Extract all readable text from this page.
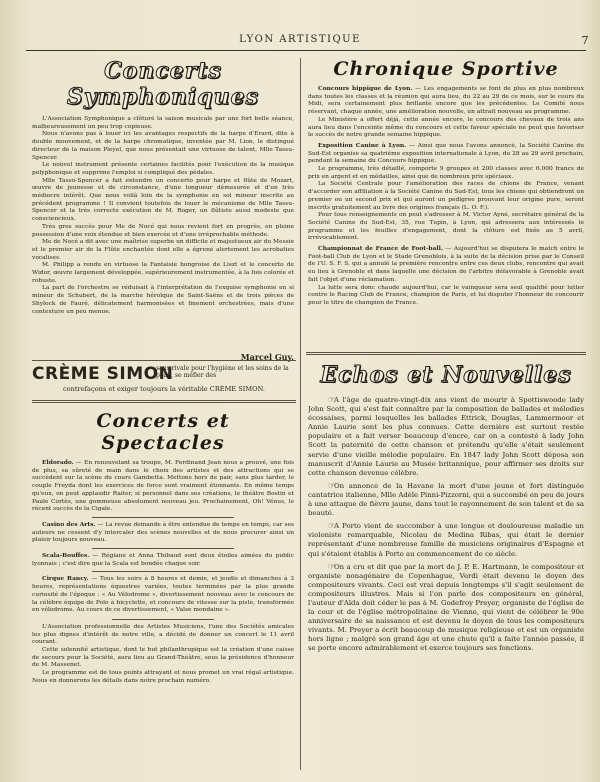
LYON ARTISTIQUE	7
Concerts Symphoniques

L'Association Symphonique a clôturé la saison musicale par une fort belle séance, malheureusement un peu trop copieuse.

Nous n'avons pas à louer ici les avantages respectifs de la harpe d'Erard, dite à double mouvement, et de la harpe chromatique, inventée par M. Lion, le distingué directeur de la maison Pleyel, que nous présentait une virtuose de talent, Mlle Tassu-Spencer.

Le nouvel instrument présente certaines facilités pour l'exécution de la musique polyphonique et supprime l'emploi si compliqué des pédales.

Mlle Tassu-Spencer a fait entendre un concerto pour harpe et flûte de Mozart, œuvre de jeunesse et de circonstance, d'une longueur démesurée et d'un très médiocre intérêt. Que nous voilà loin de la symphonie en sol mineur inscrite au précédent programme ! Il convient toutefois de louer le mécanisme de Mlle Tassu-Spencer et la très correcte exécution de M. Roger, un flûtiste aussi modeste que consciencieux.

Très gros succès pour Me de Nocé qui nous revient fort en progrès, en pleine possession d'une voix étendue et bien exercée et d'une irréprochable méthode.

Me de Nocé a dit avec une maîtrise superbe un difficile et majestueux air du Messie et le premier air de la Flûte enchantée dont elle a égrené alertement les acrobaties vocalises.

M. Philipp a rendu en virtuose la Fantaisie hongroise de Liszt et le concerto de Widor, œuvre largement développée, supérieurement instrumentée, à la fois colorée et robuste.

La part de l'orchestre se réduisait à l'interprétation de l'exquise symphonie en si mineur de Schubert, de la marche héroïque de Saint-Saëns et de trois pièces de Shylock de Fauré, délicatement harmonisées et finement orchestrées, mais d'une contexture un peu menue.

Marcel Guy.
CRÈME SIMON
sans rivale pour l'hygiène et les soins de la peau, se méfier des
contrefaçons et exiger toujours la véritable CRÈME SIMON.
Concerts et Spectacles

Eldorado. — En renouvelant sa troupe, M. Ferdinand Jean nous a prouvé, une fois de plus, sa sûreté de main dans le choix des artistes et des attractions qui se succèdent sur la scène du cours Gambetta. Mettons hors de pair, sans plus tarder, le couple Freyda dont les exercices de force sont vraiment étonnants. En même temps qu'eux, on peut applaudir Raiter, si personnel dans ses créations, le théâtre Bostin et Paule Cortès, une gommeuse absolument nouveau jeu. Prochainement, Oh! Vénus, le récent succès de la Cigale.

Casino des Arts. — La revue demande à être entendue de temps en temps, car ses auteurs ne cessent d'y intercaler des scènes nouvelles et de nous procurer ainsi un plaisir toujours nouveau.

Scala-Bouffes. — Régiane et Anna Thibaud sont deux étoiles aimées du public lyonnais ; c'est dire que la Scala est bondée chaque soir.

Cirque Rancy. — Tous les soirs à 8 heures et demie, et jeudis et dimanches à 3 heures, représentations équestres variées, toutes terminées par la plus grande curiosité de l'époque : « Au Vélodrome », divertissement nouveau avec le concours de la célèbre équipe de Polo à bicyclette, et concours de vitesse sur la piste, transformée en vélodrome. Au cours de ce divertissement, « Valse mondaine ».

L'Association professionnelle des Artistes Musiciens, l'une des Sociétés amicales les plus dignes d'intérêt de notre ville, a décidé de donner un concert le 11 avril courant.

Cette solennité artistique, dont le but philanthropique est la création d'une caisse de secours pour la Société, aura lieu au Grand-Théâtre, sous la présidence d'honneur de M. Massenet.

Le programme est de tous points attrayant et nous promet un vrai régal artistique. Nous en donnerons les détails dans notre prochain numéro.

Chronique Sportive

Concours hippique de Lyon. — Les engagements se font de plus en plus nombreux dans toutes les classes et la réunion qui aura lieu, du 22 au 29 de ce mois, sur le cours du Midi, sera certainement plus brillante encore que les précédentes. Le Comité nous réservant, chaque année, une amélioration nouvelle, un attrait nouveau au programme.

Le Ministère a offert déjà, cette année encore, le concours des chevaux de trois ans aura lieu dans l'enceinte même du concours et cette faveur spéciale ne peut que favoriser le succès de notre grande semaine hippique.

Exposition Canine à Lyon. — Ainsi que nous l'avons annoncé, la Société Canine du Sud-Est organise sa quatrième exposition internationale à Lyon, du 28 au 29 avril prochain, pendant la semaine du Concours hippique.

Le programme, très détaillé, comporte 9 groupes et 200 classes avec 6.000 francs de prix en argent et en médailles, ainsi que de nombreux prix spéciaux.

La Société Centrale pour l'amélioration des races de chiens de France, venant d'accorder son affiliation à la Société Canine du Sud-Est, tous les chiens qui obtiendront un premier ou un second prix et qui auront un pedigree prouvant leur origine pure, seront inscrits gratuitement au livre des origines français (L. O. F.).

Pour tous renseignements on peut s'adresser à M. Victor Ayné, secrétaire général de la Société Canine du Sud-Est, 35, rue Tupin, à Lyon, qui adressera aux intéressés le programme et les feuilles d'engagement, dont la clôture est fixée au 5 avril, irrévocablement.

Championnat de France de Foot-ball. — Aujourd'hui se disputera le match entre le Foot-ball Club de Lyon et le Stade Grenoblois, à la suite de la décision prise par le Conseil de l'U. S. F. S. qui a annulé la première rencontre entre ces deux clubs, rencontre qui avait eu lieu à Grenoble et dans laquelle une décision de l'arbitre défavorable à Grenoble avait fait l'objet d'une réclamation.

La lutte sera donc chaude aujourd'hui, car le vainqueur sera seul qualifié pour lutter contre le Racing Club de France, champion de Paris, et lui disputer l'honneur de concourir pour le titre de champion de France.

Echos et Nouvelles

☞A l'âge de quatre-vingt-dix ans vient de mourir à Spottiswoode lady John Scott, qui s'est fait connaître par la composition de ballades et mélodies écossaises, parmi lesquelles les ballades Ettrick, Douglas, Lammermoor et Annie Laurie sont les plus connues. Cette dernière est surtout restée populaire et a fait verser beaucoup d'encre, car on a contesté à lady John Scott la paternité de cette chanson et prétendu qu'elle s'était seulement servie d'une vieille mélodie populaire. En 1847 lady John Scott déposa son manuscrit d'Annie Laurie au Musée britannique, pour affirmer ses droits sur cette chanson devenue célèbre.

☞On annonce de la Havane la mort d'une jeune et fort distinguée cantatrice italienne, Mlle Adèle Pinni-Pizzorni, qui a succombé en peu de jours à une attaque de fièvre jaune, dans tout le rayonnement de son talent et de sa beauté.

☞A Porto vient de succomber à une longue et douloureuse maladie un violoniste remarquable, Nicolau de Medina Ribas, qui était le dernier représentant d'une nombreuse famille de musiciens originaires d'Espagne et qui s'étaient établis à Porto au commencement de ce siècle.

☞On a cru et dit que par la mort de J. P. E. Hartmann, le compositeur et organiste nonagénaire de Copenhague, Verdi était devenu le doyen des compositeurs vivants. Ceci est vrai depuis longtemps s'il s'agit seulement de compositeurs illustres. Mais si l'on parle des compositeurs en général, l'auteur d'Aïda doit céder le pas à M. Godefroy Preyer, organiste de l'église de la cour et de l'église métropolitaine de Vienne, qui vient de célébrer le 90e anniversaire de sa naissance et est devenu le doyen de tous les compositeurs vivants. M. Preyer a écrit beaucoup de musique religieuse et est un organiste hors ligne ; malgré son grand âge et une chute qu'il a faite l'année passée, il se porte encore admirablement et exerce toujours ses fonctions.
